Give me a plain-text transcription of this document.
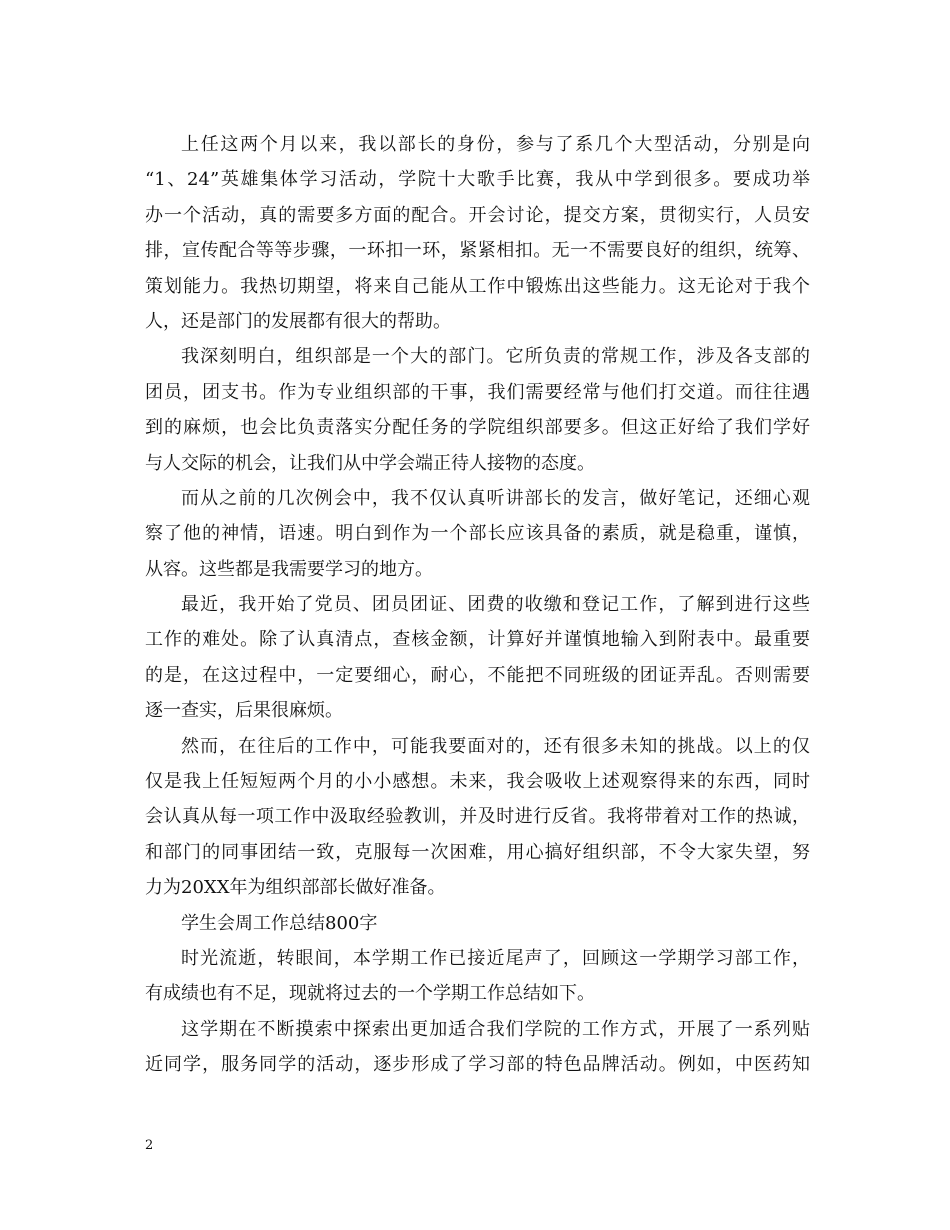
上任这两个月以来，我以部长的身份，参与了系几个大型活动，分别是向
“1、24”英雄集体学习活动，学院十大歌手比赛，我从中学到很多。要成功举
办一个活动，真的需要多方面的配合。开会讨论，提交方案，贯彻实行，人员安
排，宣传配合等等步骤，一环扣一环，紧紧相扣。无一不需要良好的组织，统筹、
策划能力。我热切期望，将来自己能从工作中锻炼出这些能力。这无论对于我个
人，还是部门的发展都有很大的帮助。
我深刻明白，组织部是一个大的部门。它所负责的常规工作，涉及各支部的
团员，团支书。作为专业组织部的干事，我们需要经常与他们打交道。而往往遇
到的麻烦，也会比负责落实分配任务的学院组织部要多。但这正好给了我们学好
与人交际的机会，让我们从中学会端正待人接物的态度。
而从之前的几次例会中，我不仅认真听讲部长的发言，做好笔记，还细心观
察了他的神情，语速。明白到作为一个部长应该具备的素质，就是稳重，谨慎，
从容。这些都是我需要学习的地方。
最近，我开始了党员、团员团证、团费的收缴和登记工作，了解到进行这些
工作的难处。除了认真清点，查核金额，计算好并谨慎地输入到附表中。最重要
的是，在这过程中，一定要细心，耐心，不能把不同班级的团证弄乱。否则需要
逐一查实，后果很麻烦。
然而，在往后的工作中，可能我要面对的，还有很多未知的挑战。以上的仅
仅是我上任短短两个月的小小感想。未来，我会吸收上述观察得来的东西，同时
会认真从每一项工作中汲取经验教训，并及时进行反省。我将带着对工作的热诚，
和部门的同事团结一致，克服每一次困难，用心搞好组织部，不令大家失望，努
力为20XX年为组织部部长做好准备。
学生会周工作总结800字
时光流逝，转眼间，本学期工作已接近尾声了，回顾这一学期学习部工作，
有成绩也有不足，现就将过去的一个学期工作总结如下。
这学期在不断摸索中探索出更加适合我们学院的工作方式，开展了一系列贴
近同学，服务同学的活动，逐步形成了学习部的特色品牌活动。例如，中医药知
2
